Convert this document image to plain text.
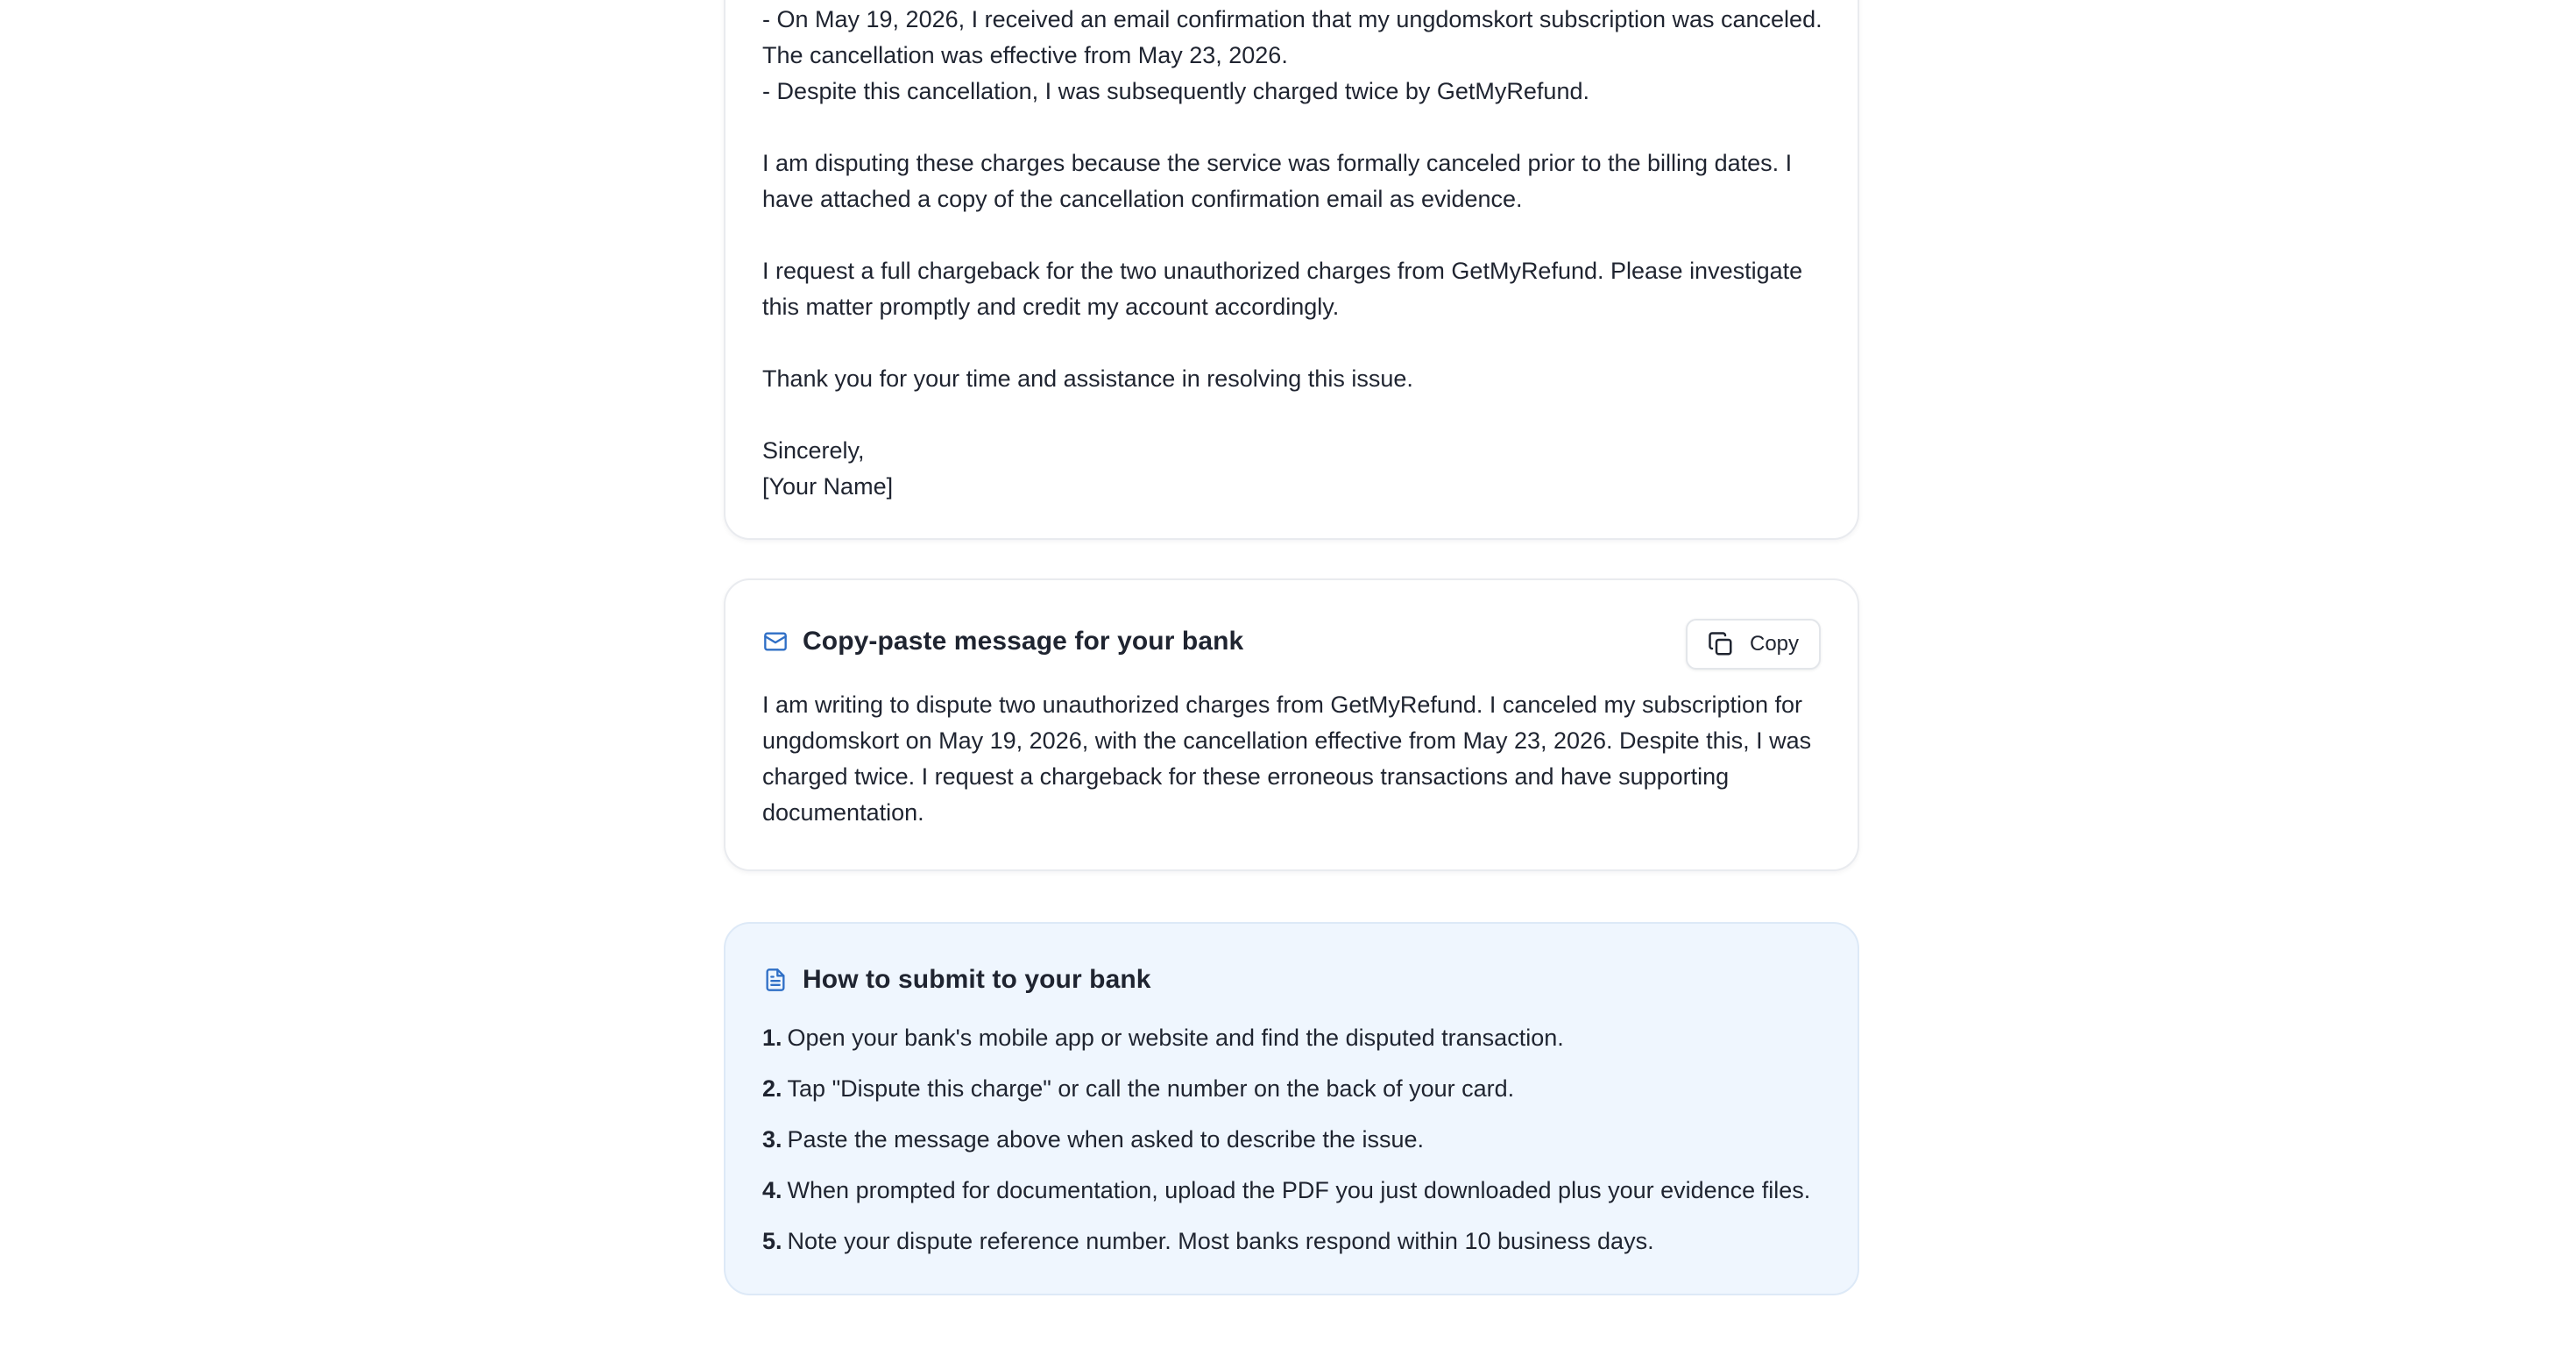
- On May 19, 2026, I received an email confirmation that my ungdomskort subscription was canceled.

The cancellation was effective from May 23, 2026.

- Despite this cancellation, I was subsequently charged twice by GetMyRefund.

I am disputing these charges because the service was formally canceled prior to the billing dates. I have attached a copy of the cancellation confirmation email as evidence.

I request a full chargeback for the two unauthorized charges from GetMyRefund. Please investigate this matter promptly and credit my account accordingly.

Thank you for your time and assistance in resolving this issue.

Sincerely,

[Your Name]

Copy-paste message for your bank	Copy
I am writing to dispute two unauthorized charges from GetMyRefund. I canceled my subscription for ungdomskort on May 19, 2026, with the cancellation effective from May 23, 2026. Despite this, I was charged twice. I request a chargeback for these erroneous transactions and have supporting documentation.
How to submit to your bank
1. Open your bank's mobile app or website and find the disputed transaction.
2. Tap "Dispute this charge" or call the number on the back of your card.
3. Paste the message above when asked to describe the issue.
4. When prompted for documentation, upload the PDF you just downloaded plus your evidence files.
5. Note your dispute reference number. Most banks respond within 10 business days.
